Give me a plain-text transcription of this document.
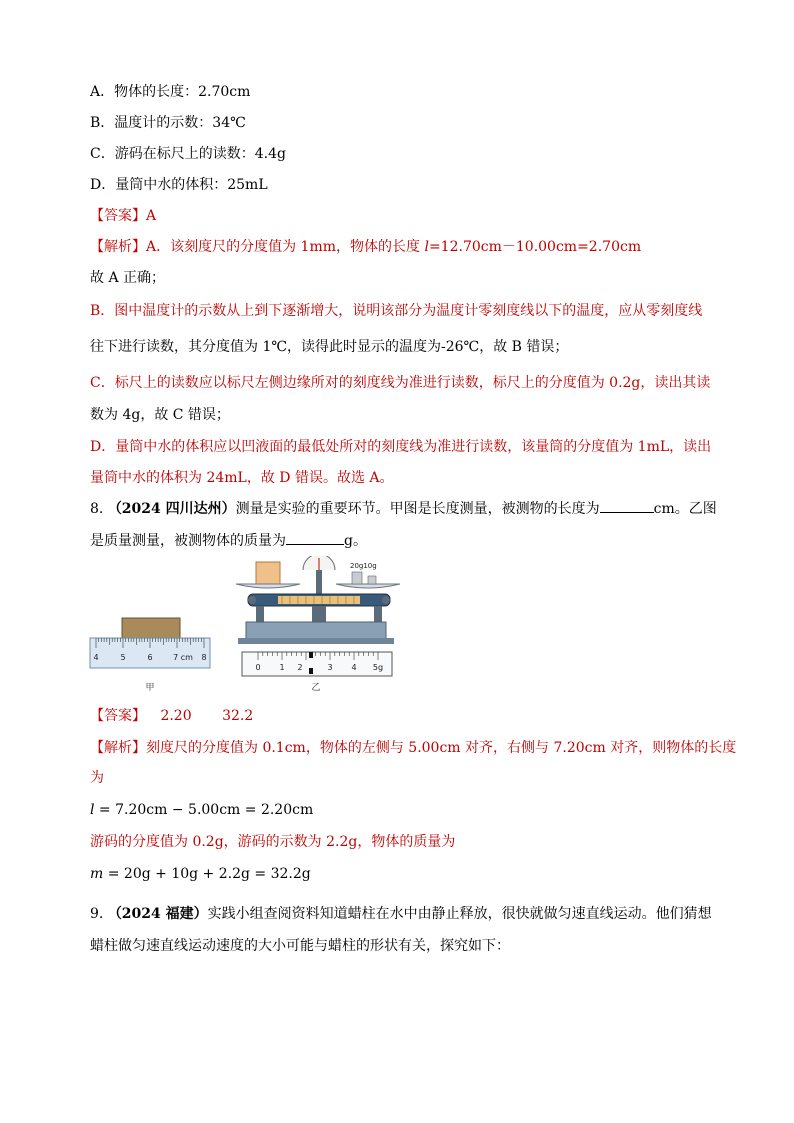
A．物体的长度：2.70cm
B．温度计的示数：34℃
C．游码在标尺上的读数：4.4g
D．量筒中水的体积：25mL
【答案】A
【解析】A．该刻度尺的分度值为 1mm，物体的长度 l=12.70cm－10.00cm=2.70cm
故 A 正确；
B．图中温度计的示数从上到下逐渐增大，说明该部分为温度计零刻度线以下的温度，应从零刻度线
往下进行读数，其分度值为 1℃，读得此时显示的温度为-26℃，故 B 错误；
C．标尺上的读数应以标尺左侧边缘所对的刻度线为准进行读数，标尺上的分度值为 0.2g，读出其读
数为 4g，故 C 错误；
D．量筒中水的体积应以凹液面的最低处所对的刻度线为准进行读数，该量筒的分度值为 1mL，读出
量筒中水的体积为 24mL，故 D 错误。故选 A。
8. （2024 四川达州）测量是实验的重要环节。甲图是长度测量，被测物的长度为	cm。乙图
是质量测量，被测物体的质量为	g。
4	5	6	7 cm 8
甲
20g10g
0 1 2	3 4 5g
乙
【答案】 2.20 32.2
【解析】刻度尺的分度值为 0.1cm，物体的左侧与 5.00cm 对齐，右侧与 7.20cm 对齐，则物体的长度
为
l = 7.20cm − 5.00cm = 2.20cm
游码的分度值为 0.2g，游码的示数为 2.2g，物体的质量为
m = 20g + 10g + 2.2g = 32.2g
9. （2024 福建）实践小组查阅资料知道蜡柱在水中由静止释放，很快就做匀速直线运动。他们猜想
蜡柱做匀速直线运动速度的大小可能与蜡柱的形状有关，探究如下：
